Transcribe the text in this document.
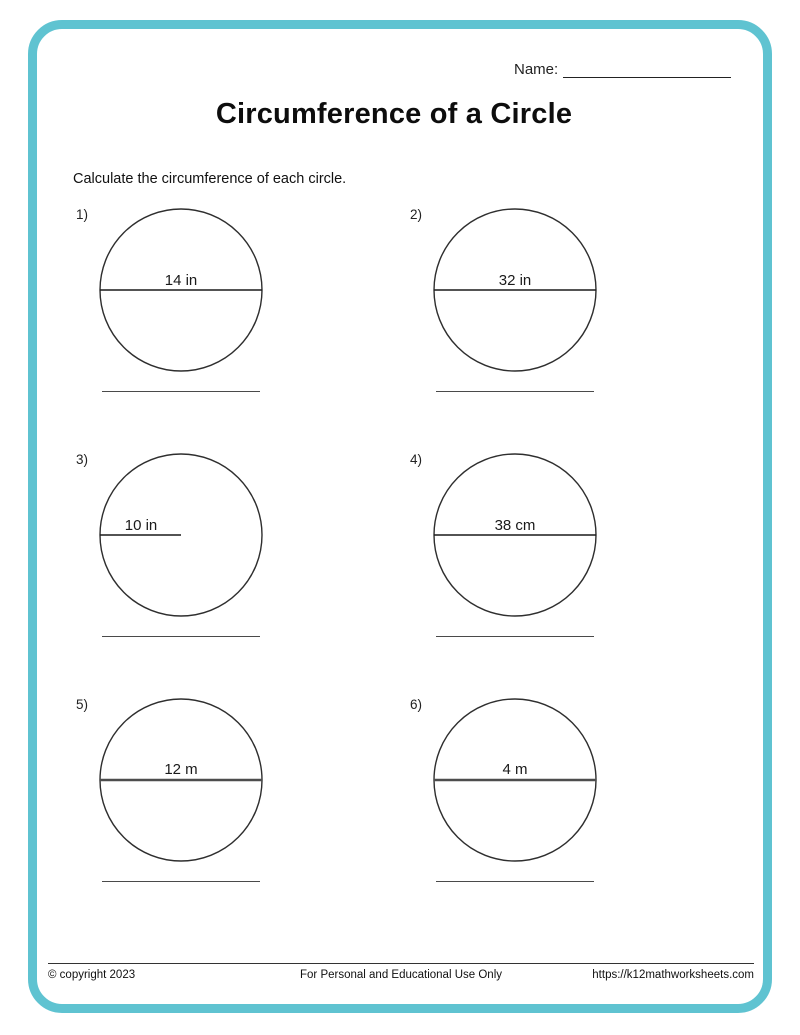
Name:
Circumference of a Circle
Calculate the circumference of each circle.
1)
14 in
2)
32 in
3)
10 in
4)
38 cm
5)
12 m
6)
4 m
© copyright 2023	For Personal and Educational Use Only	https://k12mathworksheets.com
